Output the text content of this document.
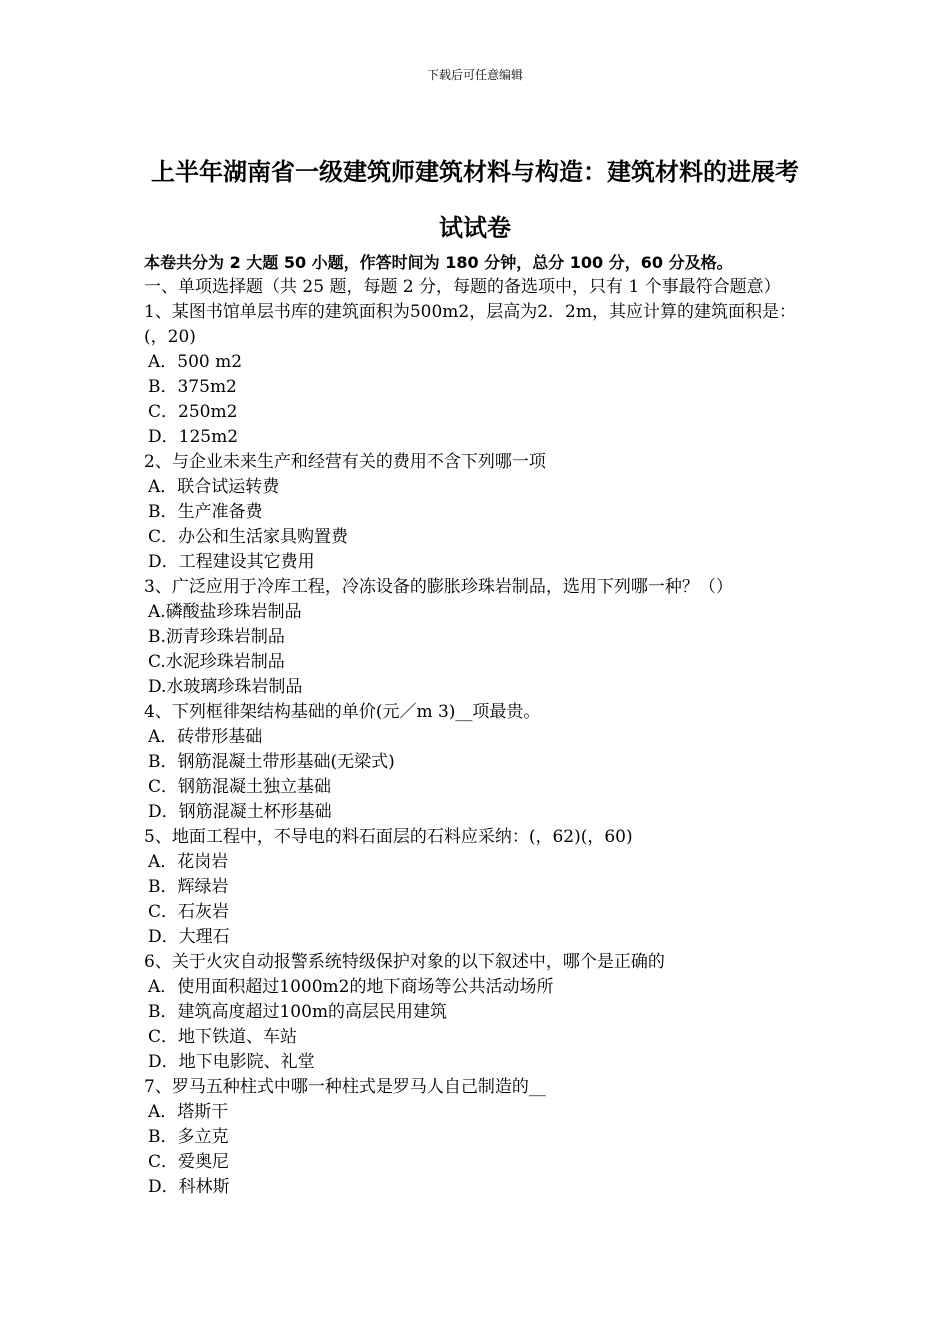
下载后可任意编辑
上半年湖南省一级建筑师建筑材料与构造：建筑材料的进展考试试卷
本卷共分为 2 大题 50 小题，作答时间为 180 分钟，总分 100 分，60 分及格。
一、单项选择题（共 25 题，每题 2 分，每题的备选项中，只有 1 个事最符合题意）
1、某图书馆单层书库的建筑面积为500m2，层高为2．2m，其应计算的建筑面积是：(，20)
A．500 m2
B．375m2
C．250m2
D．125m2
2、与企业未来生产和经营有关的费用不含下列哪一项
A．联合试运转费
B．生产准备费
C．办公和生活家具购置费
D．工程建设其它费用
3、广泛应用于冷库工程，冷冻设备的膨胀珍珠岩制品，选用下列哪一种？（）
A.磷酸盐珍珠岩制品
B.沥青珍珠岩制品
C.水泥珍珠岩制品
D.水玻璃珍珠岩制品
4、下列框徘架结构基础的单价(元／m 3)__项最贵。
A．砖带形基础
B．钢筋混凝土带形基础(无梁式)
C．钢筋混凝土独立基础
D．钢筋混凝土杯形基础
5、地面工程中，不导电的料石面层的石料应采纳：(，62)(，60)
A．花岗岩
B．辉绿岩
C．石灰岩
D．大理石
6、关于火灾自动报警系统特级保护对象的以下叙述中，哪个是正确的
A．使用面积超过1000m2的地下商场等公共活动场所
B．建筑高度超过100m的高层民用建筑
C．地下铁道、车站
D．地下电影院、礼堂
7、罗马五种柱式中哪一种柱式是罗马人自己制造的__
A．塔斯干
B．多立克
C．爱奥尼
D．科林斯
